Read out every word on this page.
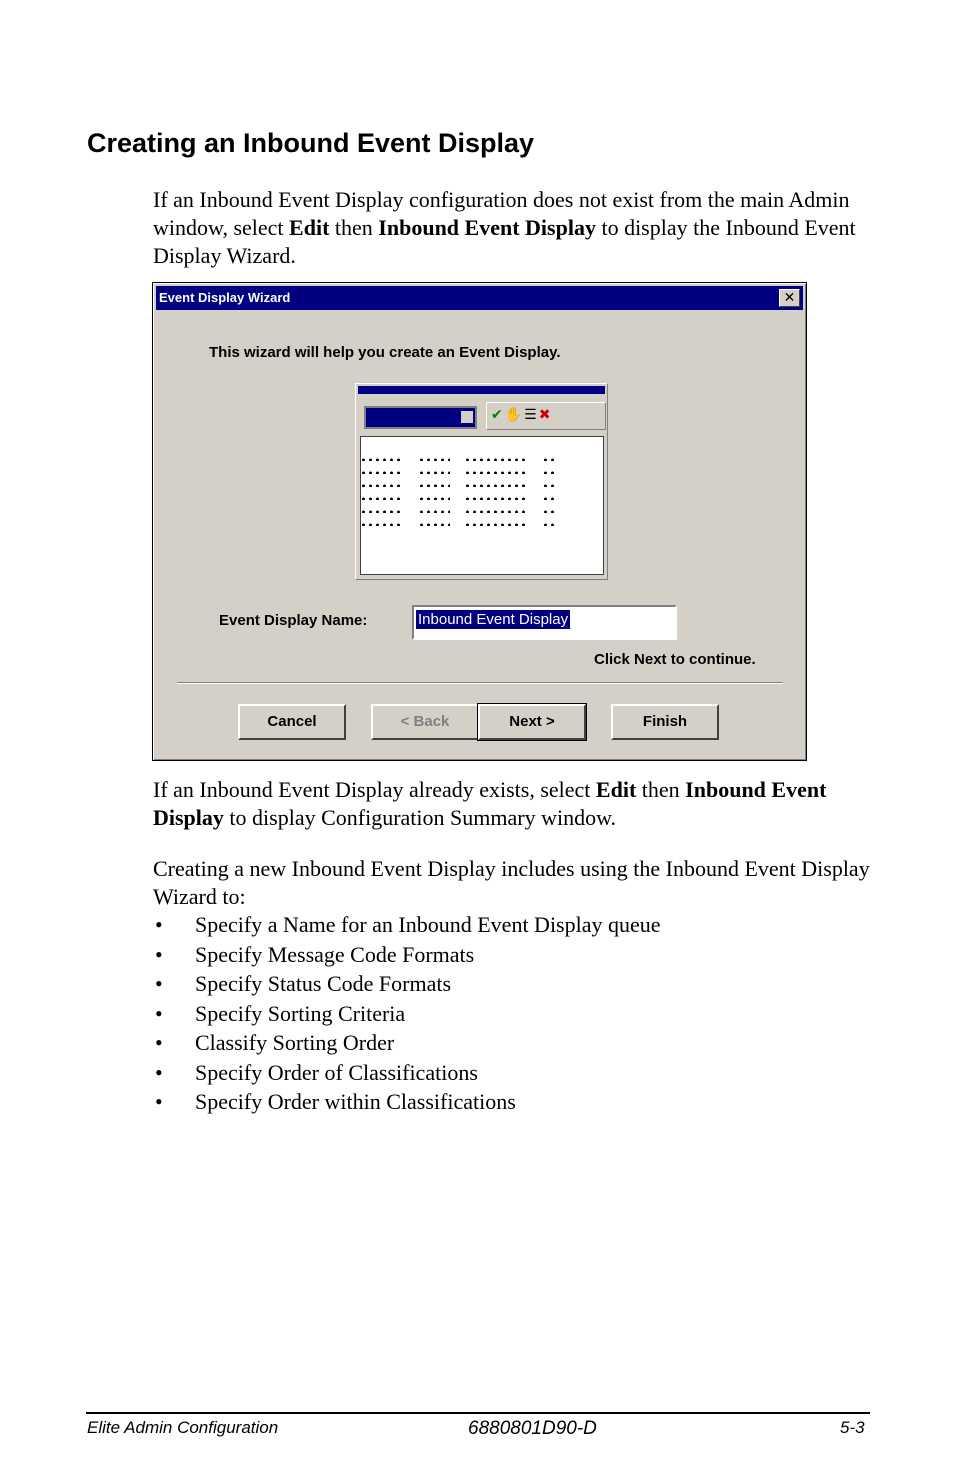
Creating an Inbound Event Display
If an Inbound Event Display configuration does not exist from the main Admin window, select Edit then Inbound Event Display to display the Inbound Event Display Wizard.
Event Display Wizard	✕
This wizard will help you create an Event Display.
✔✋☰✖
Event Display Name:	Inbound Event Display
Click Next to continue.
Cancel	< Back	Next >	Finish
If an Inbound Event Display already exists, select Edit then Inbound Event Display to display Configuration Summary window.
Creating a new Inbound Event Display includes using the Inbound Event Display Wizard to:
• Specify a Name for an Inbound Event Display queue
• Specify Message Code Formats
• Specify Status Code Formats
• Specify Sorting Criteria
• Classify Sorting Order
• Specify Order of Classifications
• Specify Order within Classifications
Elite Admin Configuration	6880801D90-D	5-3
